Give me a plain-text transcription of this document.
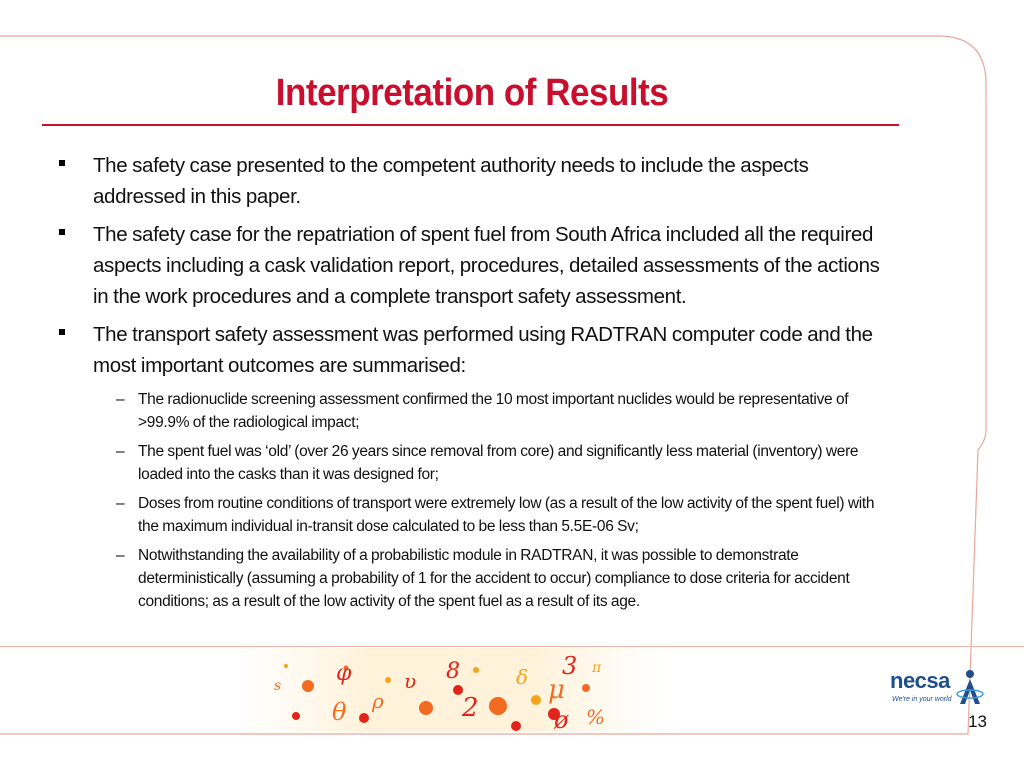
Interpretation of Results
The safety case presented to the competent authority needs to include the aspects addressed in this paper.
The safety case for the repatriation of spent fuel from South Africa included all the required aspects including a cask validation report, procedures, detailed assessments of the actions in the work procedures and a complete transport safety assessment.
The transport safety assessment was performed using RADTRAN computer code and the most important outcomes are summarised:
– The radionuclide screening assessment confirmed the 10 most important nuclides would be representative of >99.9% of the radiological impact;
– The spent fuel was ‘old’ (over 26 years since removal from core) and significantly less material (inventory) were loaded into the casks than it was designed for;
– Doses from routine conditions of transport were extremely low (as a result of the low activity of the spent fuel) with the maximum individual in-transit dose calculated to be less than 5.5E-06 Sv;
– Notwithstanding the availability of a probabilistic module in RADTRAN, it was possible to demonstrate deterministically (assuming a probability of 1 for the accident to occur) compliance to dose criteria for accident conditions; as a result of the low activity of the spent fuel as a result of its age.
s φ
θ ρ
υ 8
2
3 π
μ
ø %
δ	necsa
We're in your world
13
